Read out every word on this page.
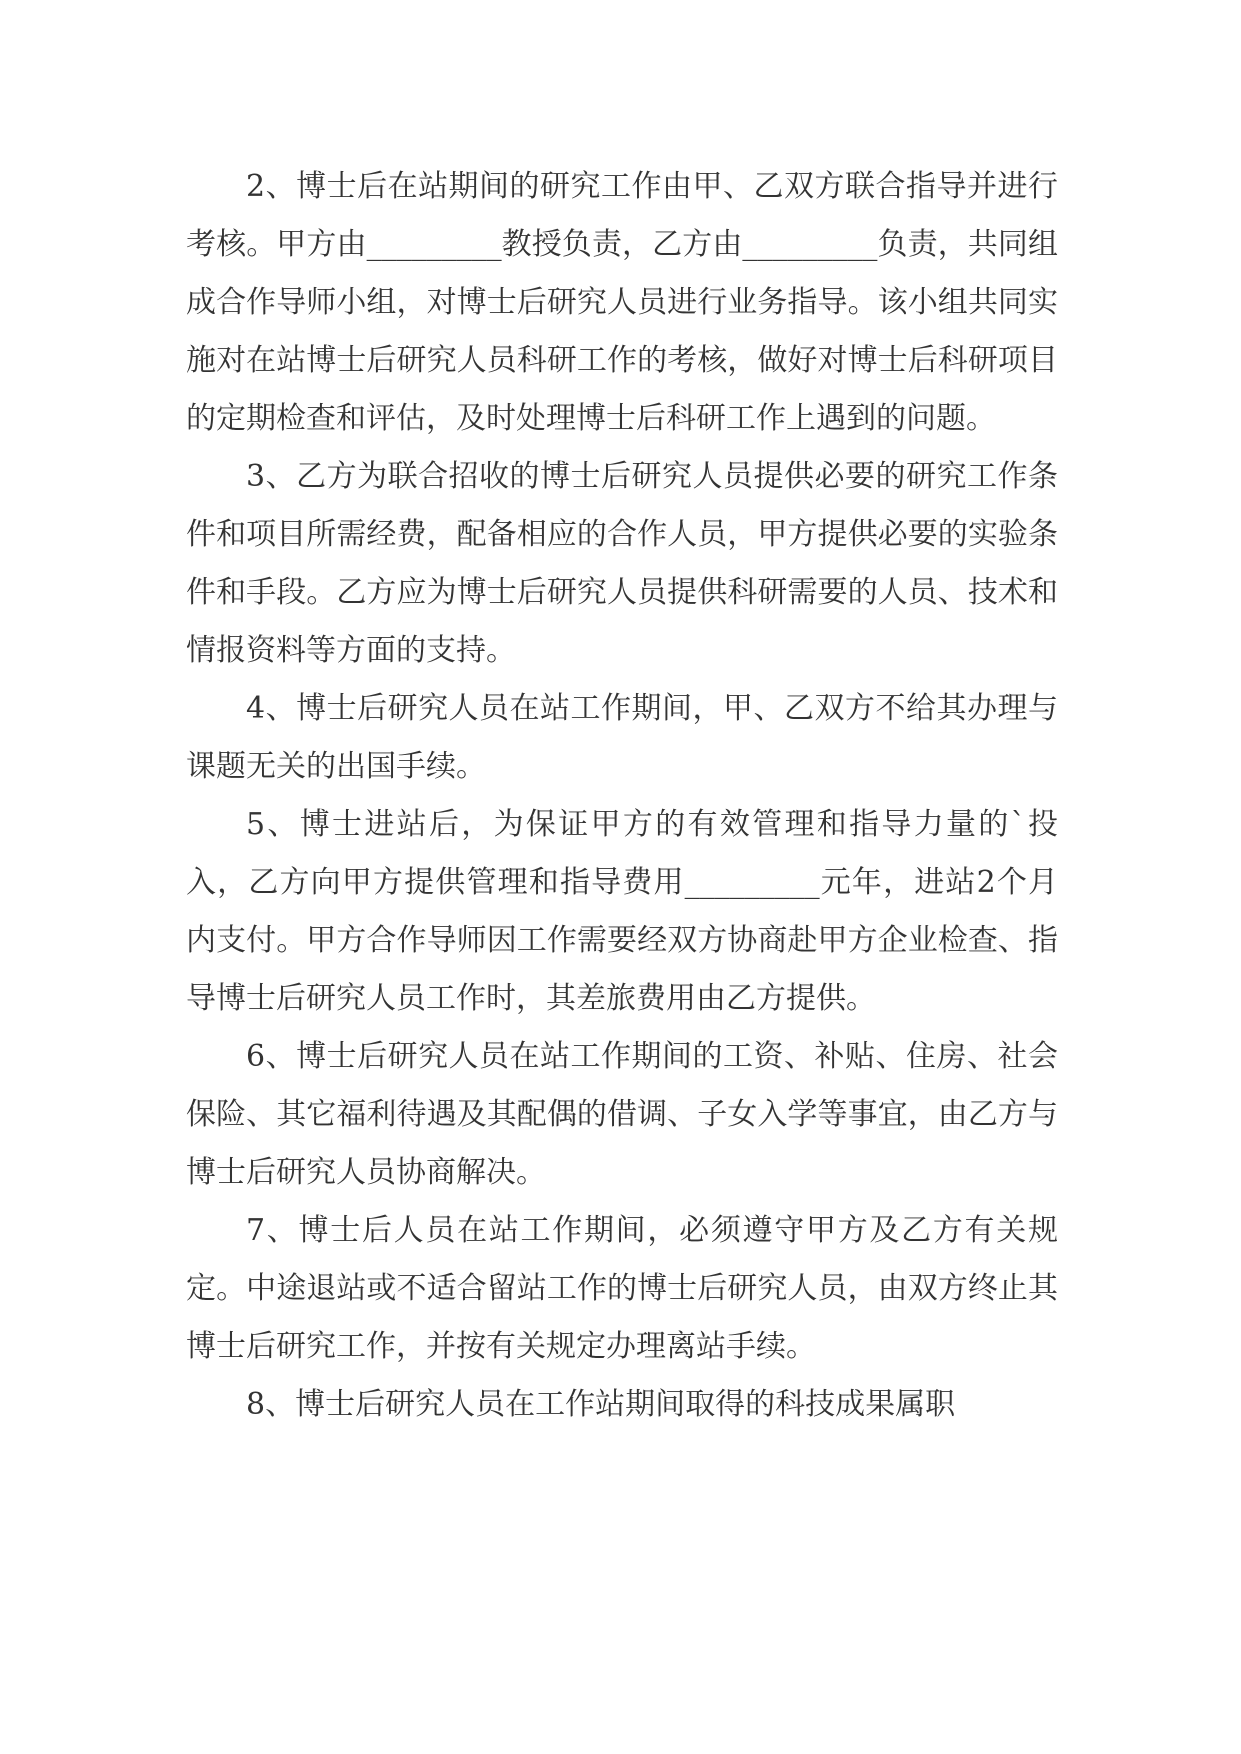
2、博士后在站期间的研究工作由甲、乙双方联合指导并进行考核。甲方由_________教授负责，乙方由_________负责，共同组成合作导师小组，对博士后研究人员进行业务指导。该小组共同实施对在站博士后研究人员科研工作的考核，做好对博士后科研项目的定期检查和评估，及时处理博士后科研工作上遇到的问题。

3、乙方为联合招收的博士后研究人员提供必要的研究工作条件和项目所需经费，配备相应的合作人员，甲方提供必要的实验条件和手段。乙方应为博士后研究人员提供科研需要的人员、技术和情报资料等方面的支持。

4、博士后研究人员在站工作期间，甲、乙双方不给其办理与课题无关的出国手续。

5、博士进站后，为保证甲方的有效管理和指导力量的`投入，乙方向甲方提供管理和指导费用_________元年，进站2个月内支付。甲方合作导师因工作需要经双方协商赴甲方企业检查、指导博士后研究人员工作时，其差旅费用由乙方提供。

6、博士后研究人员在站工作期间的工资、补贴、住房、社会保险、其它福利待遇及其配偶的借调、子女入学等事宜，由乙方与博士后研究人员协商解决。

7、博士后人员在站工作期间，必须遵守甲方及乙方有关规定。中途退站或不适合留站工作的博士后研究人员，由双方终止其博士后研究工作，并按有关规定办理离站手续。

8、博士后研究人员在工作站期间取得的科技成果属职
